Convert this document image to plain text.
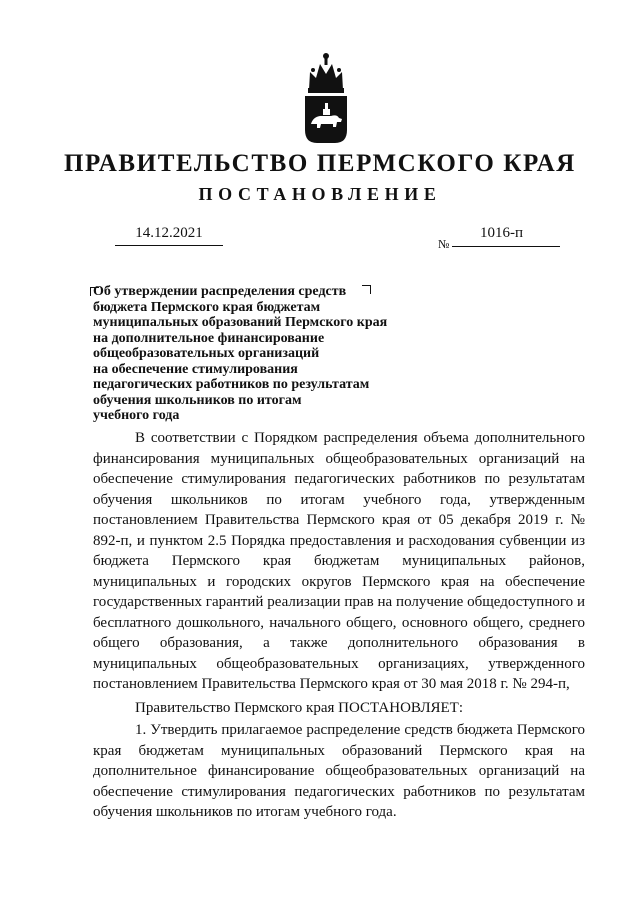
ПРАВИТЕЛЬСТВО ПЕРМСКОГО КРАЯ
ПОСТАНОВЛЕНИЕ
14.12.2021
№
1016-п
Об утверждении распределения средств
бюджета Пермского края бюджетам
муниципальных образований Пермского края
на дополнительное финансирование
общеобразовательных организаций
на обеспечение стимулирования
педагогических работников по результатам
обучения школьников по итогам
учебного года

В соответствии с Порядком распределения объема дополнительного финансирования муниципальных общеобразовательных организаций на обеспечение стимулирования педагогических работников по результатам обучения школьников по итогам учебного года, утвержденным постановлением Правительства Пермского края от 05 декабря 2019 г. № 892-п, и пунктом 2.5 Порядка предоставления и расходования субвенции из бюджета Пермского края бюджетам муниципальных районов, муниципальных и городских округов Пермского края на обеспечение государственных гарантий реализации прав на получение общедоступного и бесплатного дошкольного, начального общего, основного общего, среднего общего образования, а также дополнительного образования в муниципальных общеобразовательных организациях, утвержденного постановлением Правительства Пермского края от 30 мая 2018 г. № 294-п,

Правительство Пермского края ПОСТАНОВЛЯЕТ:

1. Утвердить прилагаемое распределение средств бюджета Пермского края бюджетам муниципальных образований Пермского края на дополнительное финансирование общеобразовательных организаций на обеспечение стимулирования педагогических работников по результатам обучения школьников по итогам учебного года.
